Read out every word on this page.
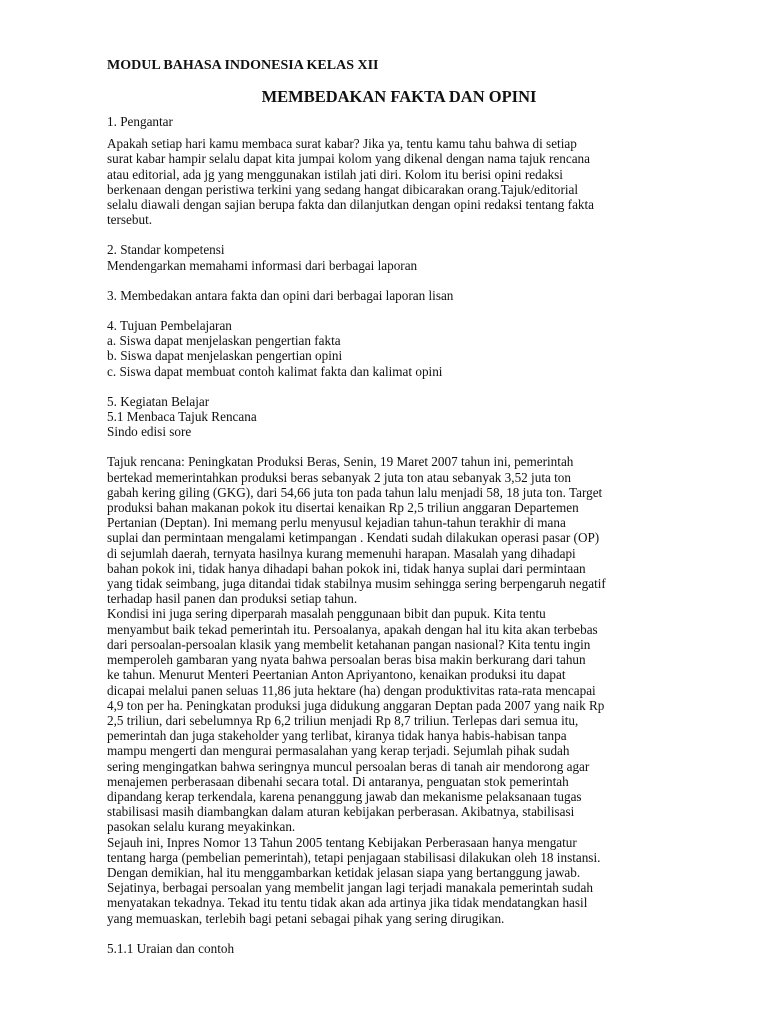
MODUL BAHASA INDONESIA KELAS XII
MEMBEDAKAN FAKTA DAN OPINI
1. Pengantar
Apakah setiap hari kamu membaca surat kabar? Jika ya, tentu kamu tahu bahwa di setiap
surat kabar hampir selalu dapat kita jumpai kolom yang dikenal dengan nama tajuk rencana
atau editorial, ada jg yang menggunakan istilah jati diri. Kolom itu berisi opini redaksi
berkenaan dengan peristiwa terkini yang sedang hangat dibicarakan orang.Tajuk/editorial
selalu diawali dengan sajian berupa fakta dan dilanjutkan dengan opini redaksi tentang fakta
tersebut.
2. Standar kompetensi
Mendengarkan memahami informasi dari berbagai laporan
3. Membedakan antara fakta dan opini dari berbagai laporan lisan
4. Tujuan Pembelajaran
a. Siswa dapat menjelaskan pengertian fakta
b. Siswa dapat menjelaskan pengertian opini
c. Siswa dapat membuat contoh kalimat fakta dan kalimat opini
5. Kegiatan Belajar
5.1 Menbaca Tajuk Rencana
Sindo edisi sore
Tajuk rencana: Peningkatan Produksi Beras, Senin, 19 Maret 2007 tahun ini, pemerintah
bertekad memerintahkan produksi beras sebanyak 2 juta ton atau sebanyak 3,52 juta ton
gabah kering giling (GKG), dari 54,66 juta ton pada tahun lalu menjadi 58, 18 juta ton. Target
produksi bahan makanan pokok itu disertai kenaikan Rp 2,5 triliun anggaran Departemen
Pertanian (Deptan). Ini memang perlu menyusul kejadian tahun-tahun terakhir di mana
suplai dan permintaan mengalami ketimpangan . Kendati sudah dilakukan operasi pasar (OP)
di sejumlah daerah, ternyata hasilnya kurang memenuhi harapan. Masalah yang dihadapi
bahan pokok ini, tidak hanya dihadapi bahan pokok ini, tidak hanya suplai dari permintaan
yang tidak seimbang, juga ditandai tidak stabilnya musim sehingga sering berpengaruh negatif
terhadap hasil panen dan produksi setiap tahun.
Kondisi ini juga sering diperparah masalah penggunaan bibit dan pupuk. Kita tentu
menyambut baik tekad pemerintah itu. Persoalanya, apakah dengan hal itu kita akan terbebas
dari persoalan-persoalan klasik yang membelit ketahanan pangan nasional? Kita tentu ingin
memperoleh gambaran yang nyata bahwa persoalan beras bisa makin berkurang dari tahun
ke tahun. Menurut Menteri Peertanian Anton Apriyantono, kenaikan produksi itu dapat
dicapai melalui panen seluas 11,86 juta hektare (ha) dengan produktivitas rata-rata mencapai
4,9 ton per ha. Peningkatan produksi juga didukung anggaran Deptan pada 2007 yang naik Rp
2,5 triliun, dari sebelumnya Rp 6,2 triliun menjadi Rp 8,7 triliun. Terlepas dari semua itu,
pemerintah dan juga stakeholder yang terlibat, kiranya tidak hanya habis-habisan tanpa
mampu mengerti dan mengurai permasalahan yang kerap terjadi. Sejumlah pihak sudah
sering mengingatkan bahwa seringnya muncul persoalan beras di tanah air mendorong agar
menajemen perberasaan dibenahi secara total. Di antaranya, penguatan stok pemerintah
dipandang kerap terkendala, karena penanggung jawab dan mekanisme pelaksanaan tugas
stabilisasi masih diambangkan dalam aturan kebijakan perberasan. Akibatnya, stabilisasi
pasokan selalu kurang meyakinkan.
Sejauh ini, Inpres Nomor 13 Tahun 2005 tentang Kebijakan Perberasaan hanya mengatur
tentang harga (pembelian pemerintah), tetapi penjagaan stabilisasi dilakukan oleh 18 instansi.
Dengan demikian, hal itu menggambarkan ketidak jelasan siapa yang bertanggung jawab.
Sejatinya, berbagai persoalan yang membelit jangan lagi terjadi manakala pemerintah sudah
menyatakan tekadnya. Tekad itu tentu tidak akan ada artinya jika tidak mendatangkan hasil
yang memuaskan, terlebih bagi petani sebagai pihak yang sering dirugikan.
5.1.1 Uraian dan contoh
